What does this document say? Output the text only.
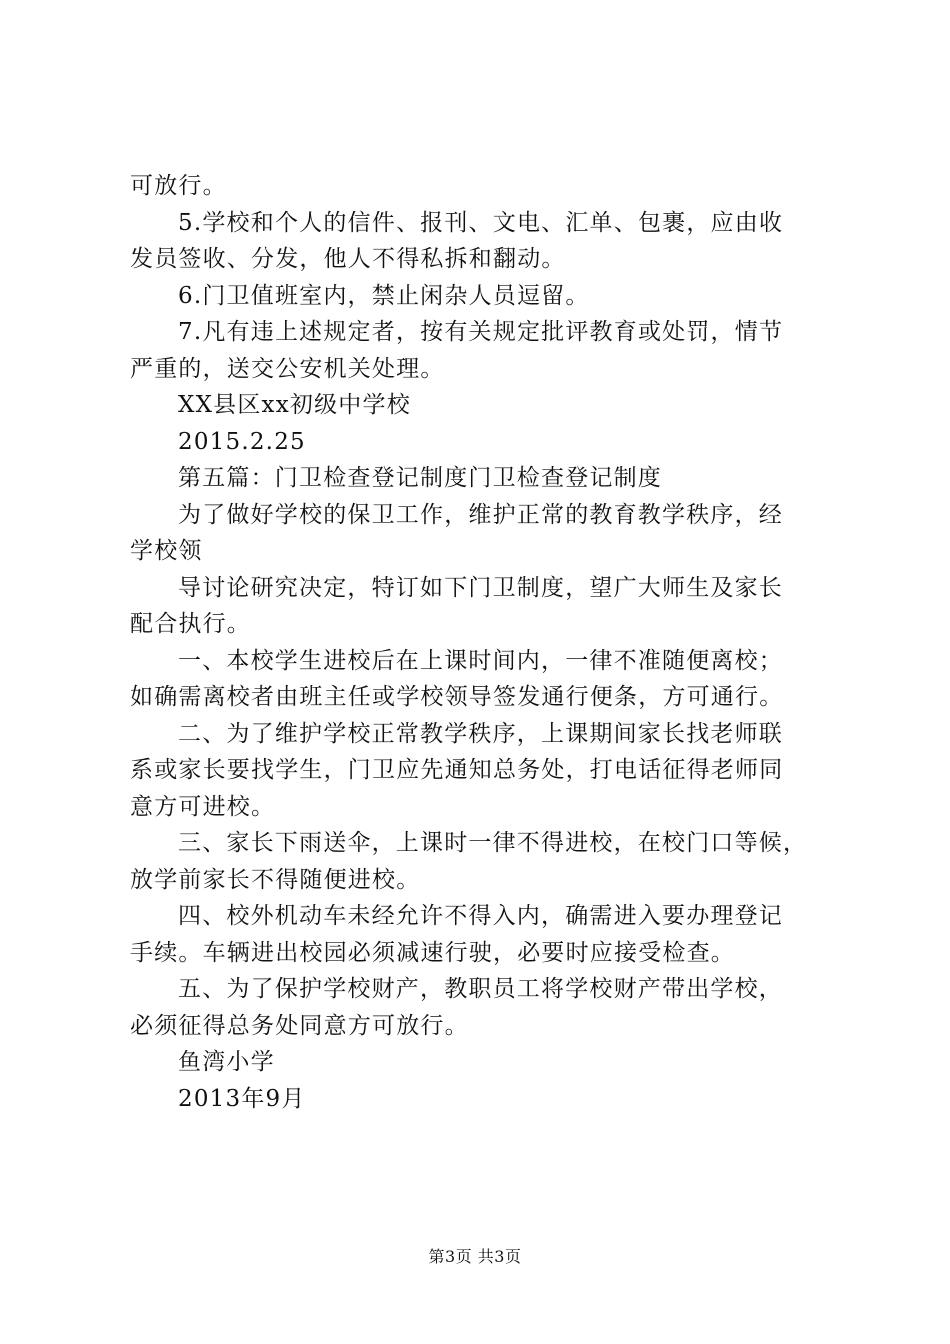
可放行。
5.学校和个人的信件、报刊、文电、汇单、包裹，应由收
发员签收、分发，他人不得私拆和翻动。
6.门卫值班室内，禁止闲杂人员逗留。
7.凡有违上述规定者，按有关规定批评教育或处罚，情节
严重的，送交公安机关处理。
XX县区xx初级中学校
2015.2.25
第五篇：门卫检查登记制度门卫检查登记制度
为了做好学校的保卫工作，维护正常的教育教学秩序，经
学校领
导讨论研究决定，特订如下门卫制度，望广大师生及家长
配合执行。
一、本校学生进校后在上课时间内，一律不准随便离校；
如确需离校者由班主任或学校领导签发通行便条，方可通行。
二、为了维护学校正常教学秩序，上课期间家长找老师联
系或家长要找学生，门卫应先通知总务处，打电话征得老师同
意方可进校。
三、家长下雨送伞，上课时一律不得进校，在校门口等候，
放学前家长不得随便进校。
四、校外机动车未经允许不得入内，确需进入要办理登记
手续。车辆进出校园必须减速行驶，必要时应接受检查。
五、为了保护学校财产，教职员工将学校财产带出学校，
必须征得总务处同意方可放行。
鱼湾小学
2013年9月
第3页 共3页
